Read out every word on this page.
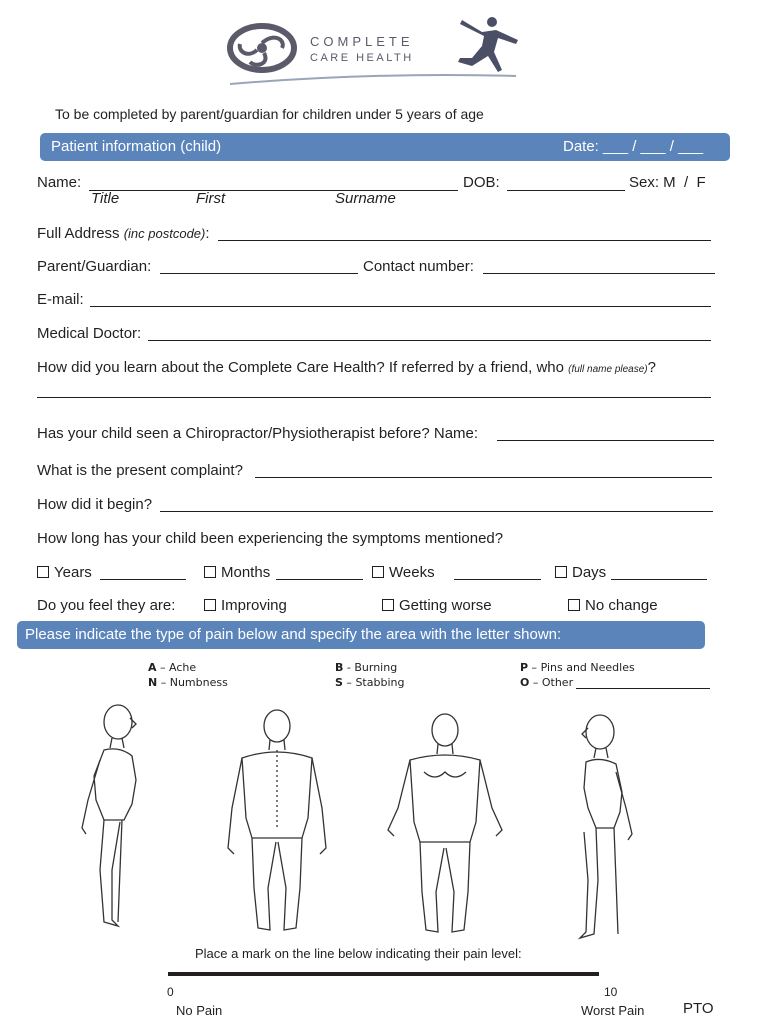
COMPLETE
CARE HEALTH
To be completed by parent/guardian for children under 5 years of age
Patient information (child)	Date: ___ / ___ / ___
Name:
Title	First	Surname
DOB:	Sex: M  /  F
Full Address (inc postcode):
Parent/Guardian:	Contact number:
E-mail:
Medical Doctor:
How did you learn about the Complete Care Health? If referred by a friend, who (full name please)?
Has your child seen a Chiropractor/Physiotherapist before? Name:
What is the present complaint?
How did it begin?
How long has your child been experiencing the symptoms mentioned?
Years	Months	Weeks	Days
Do you feel they are:	Improving	Getting worse	No change
Please indicate the type of pain below and specify the area with the letter shown:
A – Ache
N – Numbness
B - Burning
S – Stabbing
P – Pins and Needles
O – Other
Place a mark on the line below indicating their pain level:
0	10
No Pain	Worst Pain	PTO
